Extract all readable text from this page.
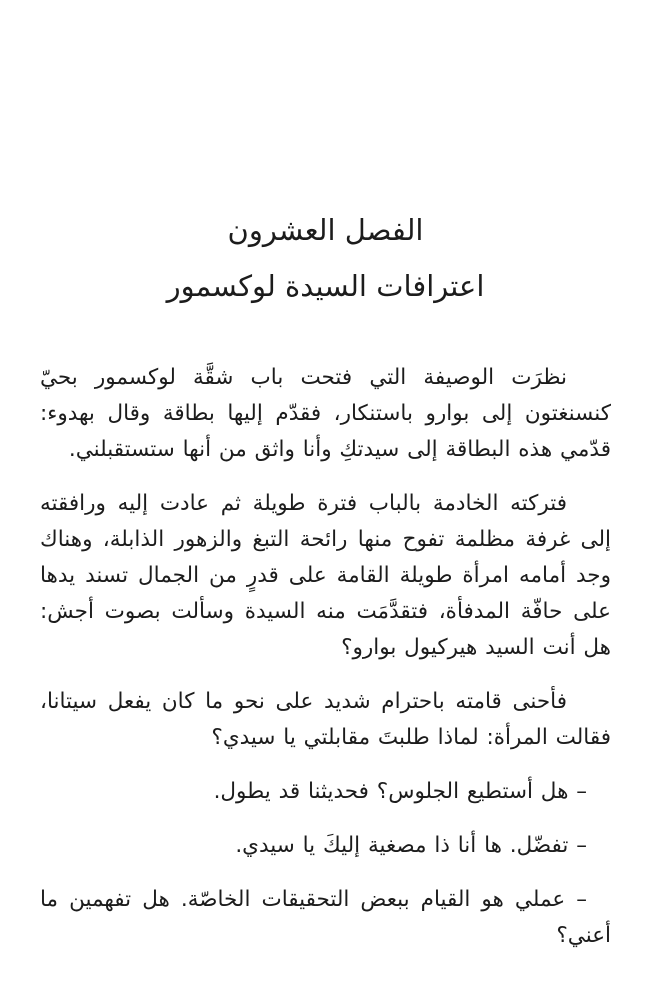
الفصل العشرون
اعترافات السيدة لوكسمور

نظرَت الوصيفة التي فتحت باب شقَّة لوكسمور بحيّ كنسنغتون إلى بوارو باستنكار، فقدّم إليها بطاقة وقال بهدوء: قدّمي هذه البطاقة إلى سيدتكِ وأنا واثق من أنها ستستقبلني.

فتركته الخادمة بالباب فترة طويلة ثم عادت إليه ورافقته إلى غرفة مظلمة تفوح منها رائحة التبغ والزهور الذابلة، وهناك وجد أمامه امرأة طويلة القامة على قدرٍ من الجمال تسند يدها على حافّة المدفأة، فتقدَّمَت منه السيدة وسألت بصوت أجش: هل أنت السيد هيركيول بوارو؟

فأحنى قامته باحترام شديد على نحو ما كان يفعل سيتانا، فقالت المرأة: لماذا طلبتَ مقابلتي يا سيدي؟

– هل أستطيع الجلوس؟ فحديثنا قد يطول.

– تفضّل. ها أنا ذا مصغية إليكَ يا سيدي.

– عملي هو القيام ببعض التحقيقات الخاصّة. هل تفهمين ما أعني؟
